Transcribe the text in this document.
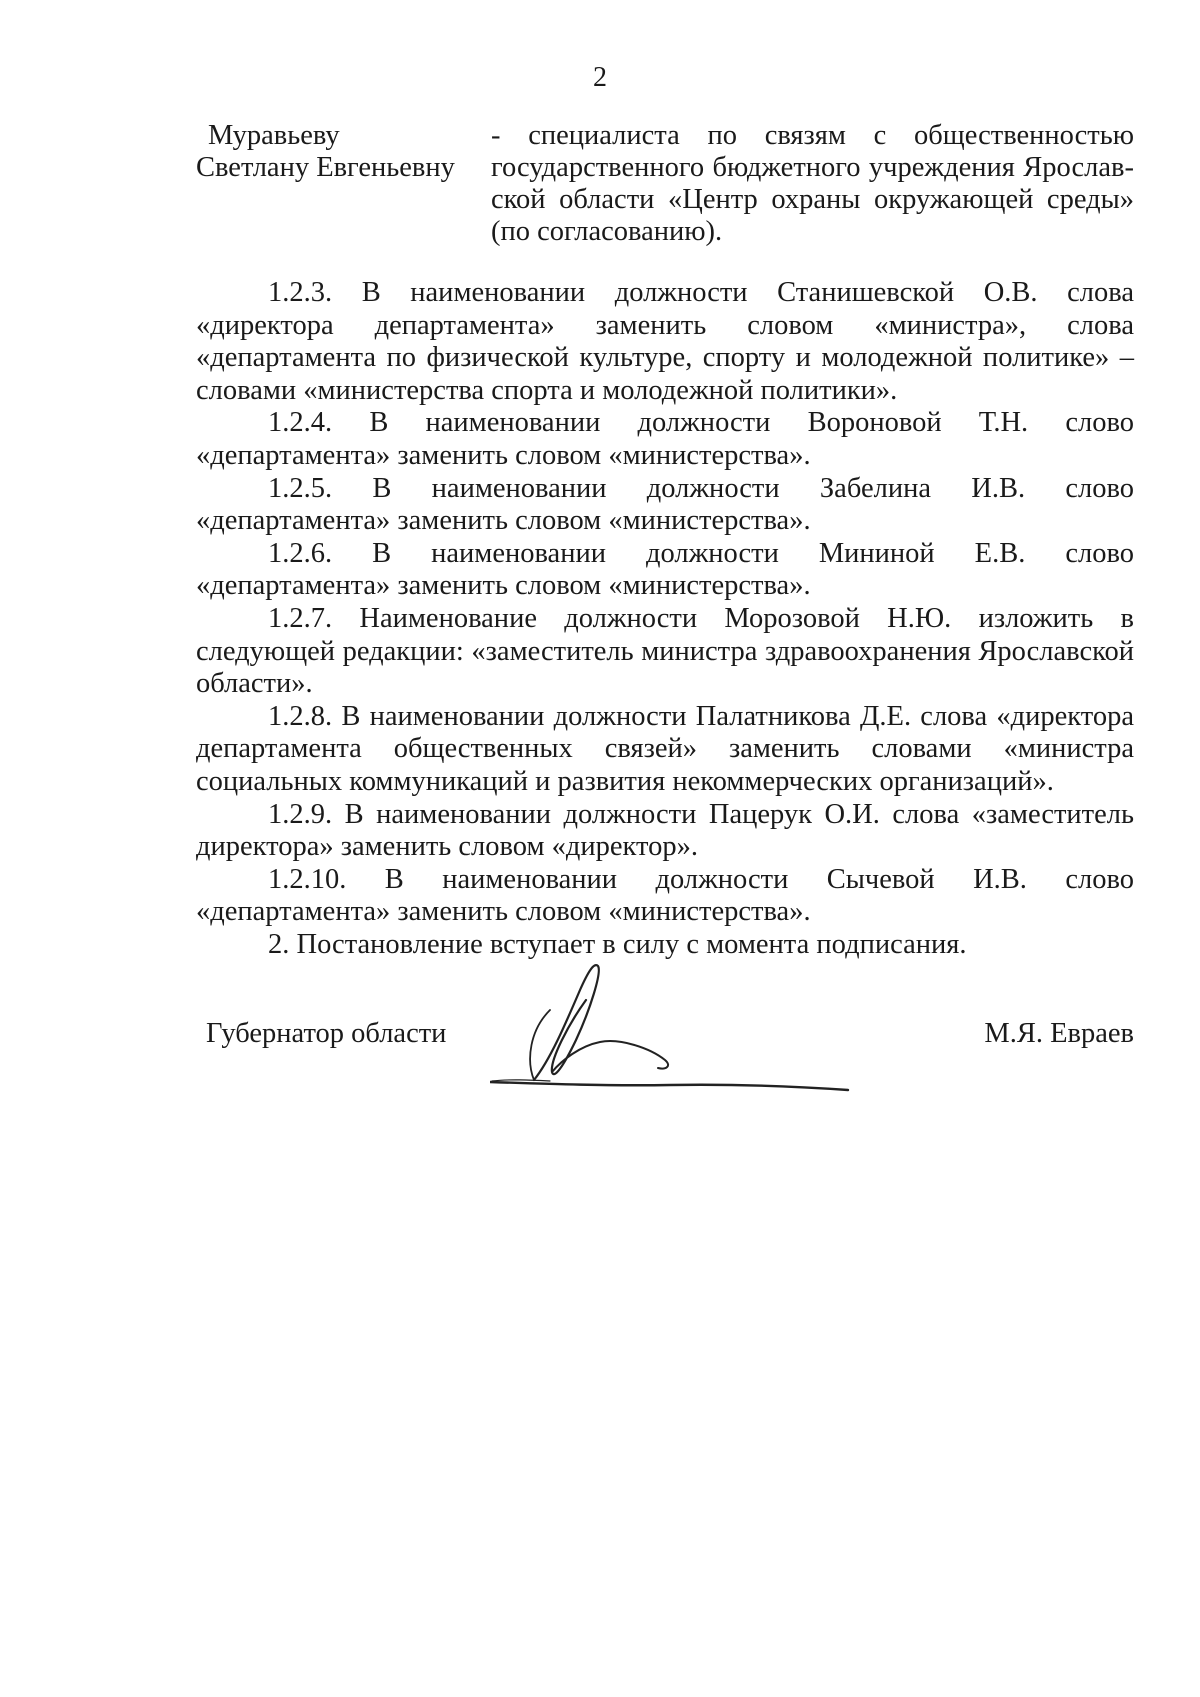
2
Муравьеву
Светлану Евгеньевну
- специалиста по связям с общественностью государственного бюджетного учреждения Ярославской области «Центр охраны окружающей среды» (по согласованию).

1.2.3. В наименовании должности Станишевской О.В. слова «директора департамента» заменить словом «министра», слова «департамента по физической культуре, спорту и молодежной политике» – словами «министерства спорта и молодежной политики».

1.2.4. В наименовании должности Вороновой Т.Н. слово «департамента» заменить словом «министерства».

1.2.5. В наименовании должности Забелина И.В. слово «департамента» заменить словом «министерства».

1.2.6. В наименовании должности Мининой Е.В. слово «департамента» заменить словом «министерства».

1.2.7. Наименование должности Морозовой Н.Ю. изложить в следующей редакции: «заместитель министра здравоохранения Ярославской области».

1.2.8. В наименовании должности Палатникова Д.Е. слова «директора департамента общественных связей» заменить словами «министра социальных коммуникаций и развития некоммерческих организаций».

1.2.9. В наименовании должности Пацерук О.И. слова «заместитель директора» заменить словом «директор».

1.2.10. В наименовании должности Сычевой И.В. слово «департамента» заменить словом «министерства».

2. Постановление вступает в силу с момента подписания.

Губернатор области	М.Я. Евраев
